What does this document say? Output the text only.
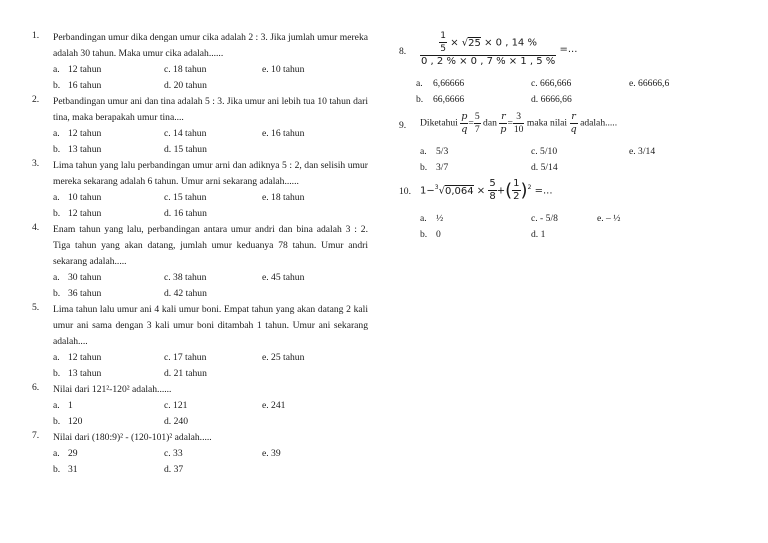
1. Perbandingan umur dika dengan umur cika adalah 2 : 3. Jika jumlah umur mereka adalah 30 tahun. Maka umur cika adalah......
a. 12 tahun	c. 18 tahun	e. 10 tahun
b. 16 tahun	d. 20 tahun
2. Petbandingan umur ani dan tina adalah 5 : 3. Jika umur ani lebih tua 10 tahun dari tina, maka berapakah umur tina....
a. 12 tahun	c. 14 tahun	e. 16 tahun
b. 13 tahun	d. 15 tahun
3. Lima tahun yang lalu perbandingan umur arni dan adiknya 5 : 2, dan selisih umur mereka sekarang adalah 6 tahun. Umur arni sekarang adalah......
a. 10 tahun	c. 15 tahun	e. 18 tahun
b. 12 tahun	d. 16 tahun
4. Enam tahun yang lalu, perbandingan antara umur andri dan bina adalah 3 : 2. Tiga tahun yang akan datang, jumlah umur keduanya 78 tahun. Umur andri sekarang adalah.....
a. 30 tahun	c. 38 tahun	e. 45 tahun
b. 36 tahun	d. 42 tahun
5. Lima tahun lalu umur ani 4 kali umur boni. Empat tahun yang akan datang 2 kali umur ani sama dengan 3 kali umur boni ditambah 1 tahun. Umur ani sekarang adalah....
a. 12 tahun	c. 17 tahun	e. 25 tahun
b. 13 tahun	d. 21 tahun
6. Nilai dari 121²-120² adalah......
a. 1	c. 121	e. 241
b. 120	d. 240
7. Nilai dari (180:9)² - (120-101)² adalah.....
a. 29	c. 33	e. 39
b. 31	d. 37
8.	$\frac{1}{5} \times √25 \times 0$ , 14 %
0 , 2 % × 0 , 7 % × 1 , 5 %
=...
a. 6,66666	c. 666,666	e. 66666,6
b. 66,6666	d. 6666,66
9. Diketahui $\frac{p}{q} = \frac{5}{7}$ dan $\frac{r}{p} = \frac{3}{10}$ maka nilai $\frac{r}{q}$ adalah.....
a. 5/3	c. 5/10	e. 3/14
b. 3/7	d. 5/14
10. $1-^3√0,064 \times \frac{5}{8}$ +( $\frac{1}{2} )^2$ =...
a. ½	c. - 5/8	e. – ½
b. 0	d. 1
